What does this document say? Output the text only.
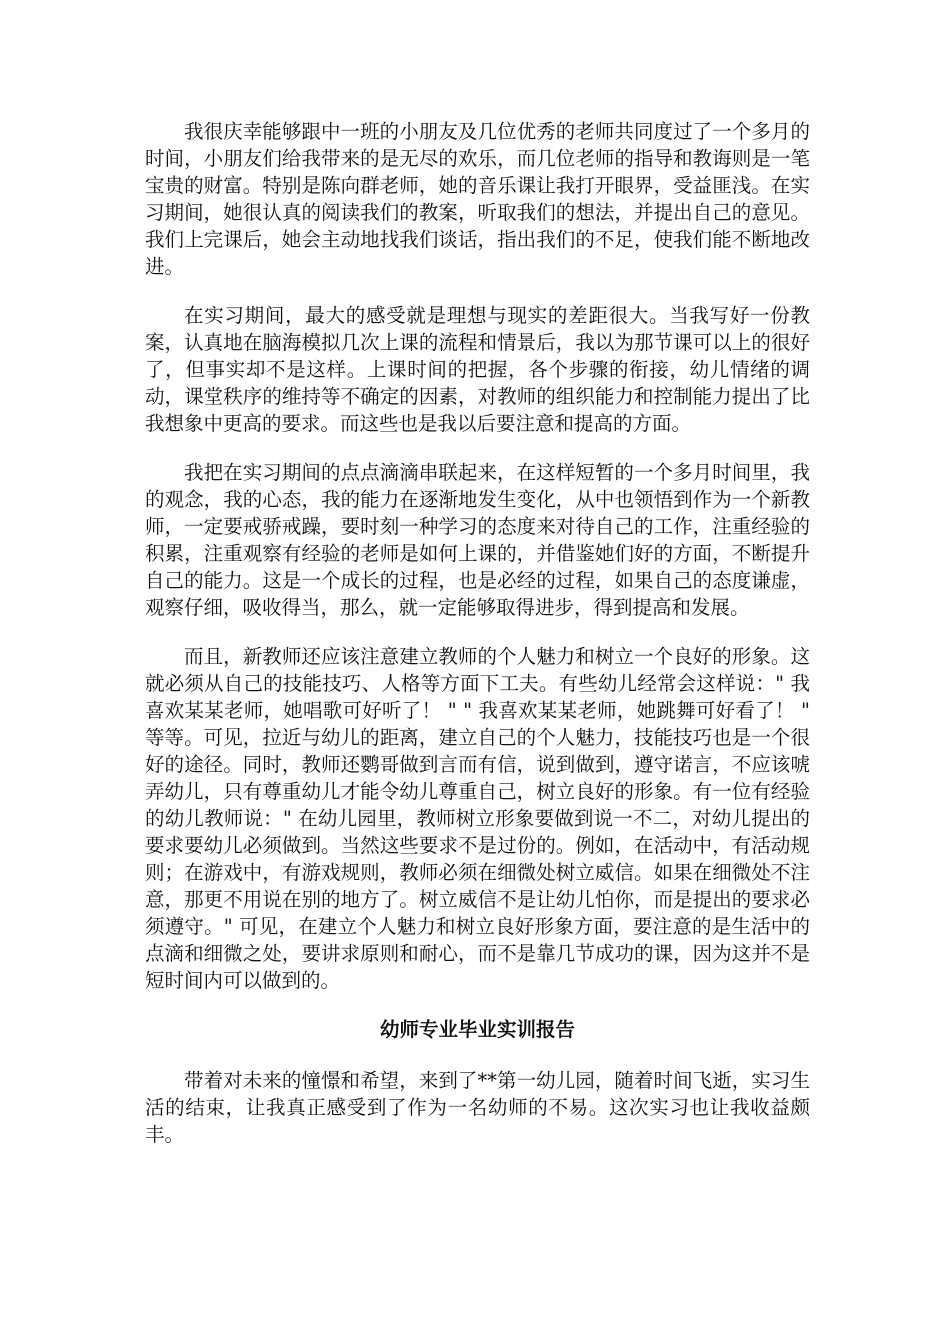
我很庆幸能够跟中一班的小朋友及几位优秀的老师共同度过了一个多月的时间，小朋友们给我带来的是无尽的欢乐，而几位老师的指导和教诲则是一笔宝贵的财富。特别是陈向群老师，她的音乐课让我打开眼界，受益匪浅。在实习期间，她很认真的阅读我们的教案，听取我们的想法，并提出自己的意见。我们上完课后，她会主动地找我们谈话，指出我们的不足，使我们能不断地改进。

在实习期间，最大的感受就是理想与现实的差距很大。当我写好一份教案，认真地在脑海模拟几次上课的流程和情景后，我以为那节课可以上的很好了，但事实却不是这样。上课时间的把握，各个步骤的衔接，幼儿情绪的调动，课堂秩序的维持等不确定的因素，对教师的组织能力和控制能力提出了比我想象中更高的要求。而这些也是我以后要注意和提高的方面。

我把在实习期间的点点滴滴串联起来，在这样短暂的一个多月时间里，我的观念，我的心态，我的能力在逐渐地发生变化，从中也领悟到作为一个新教师，一定要戒骄戒躁，要时刻一种学习的态度来对待自己的工作，注重经验的积累，注重观察有经验的老师是如何上课的，并借鉴她们好的方面，不断提升自己的能力。这是一个成长的过程，也是必经的过程，如果自己的态度谦虚，观察仔细，吸收得当，那么，就一定能够取得进步，得到提高和发展。

而且，新教师还应该注意建立教师的个人魅力和树立一个良好的形象。这就必须从自己的技能技巧、人格等方面下工夫。有些幼儿经常会这样说：" 我喜欢某某老师，她唱歌可好听了！ " " 我喜欢某某老师，她跳舞可好看了！ " 等等。可见，拉近与幼儿的距离，建立自己的个人魅力，技能技巧也是一个很好的途径。同时，教师还鹦哥做到言而有信，说到做到，遵守诺言，不应该唬弄幼儿，只有尊重幼儿才能令幼儿尊重自己，树立良好的形象。有一位有经验的幼儿教师说：" 在幼儿园里，教师树立形象要做到说一不二，对幼儿提出的要求要幼儿必须做到。当然这些要求不是过份的。例如，在活动中，有活动规则；在游戏中，有游戏规则，教师必须在细微处树立威信。如果在细微处不注意，那更不用说在别的地方了。树立威信不是让幼儿怕你，而是提出的要求必须遵守。" 可见，在建立个人魅力和树立良好形象方面，要注意的是生活中的点滴和细微之处，要讲求原则和耐心，而不是靠几节成功的课，因为这并不是短时间内可以做到的。

幼师专业毕业实训报告

带着对未来的憧憬和希望，来到了**第一幼儿园，随着时间飞逝，实习生活的结束，让我真正感受到了作为一名幼师的不易。这次实习也让我收益颇丰。
